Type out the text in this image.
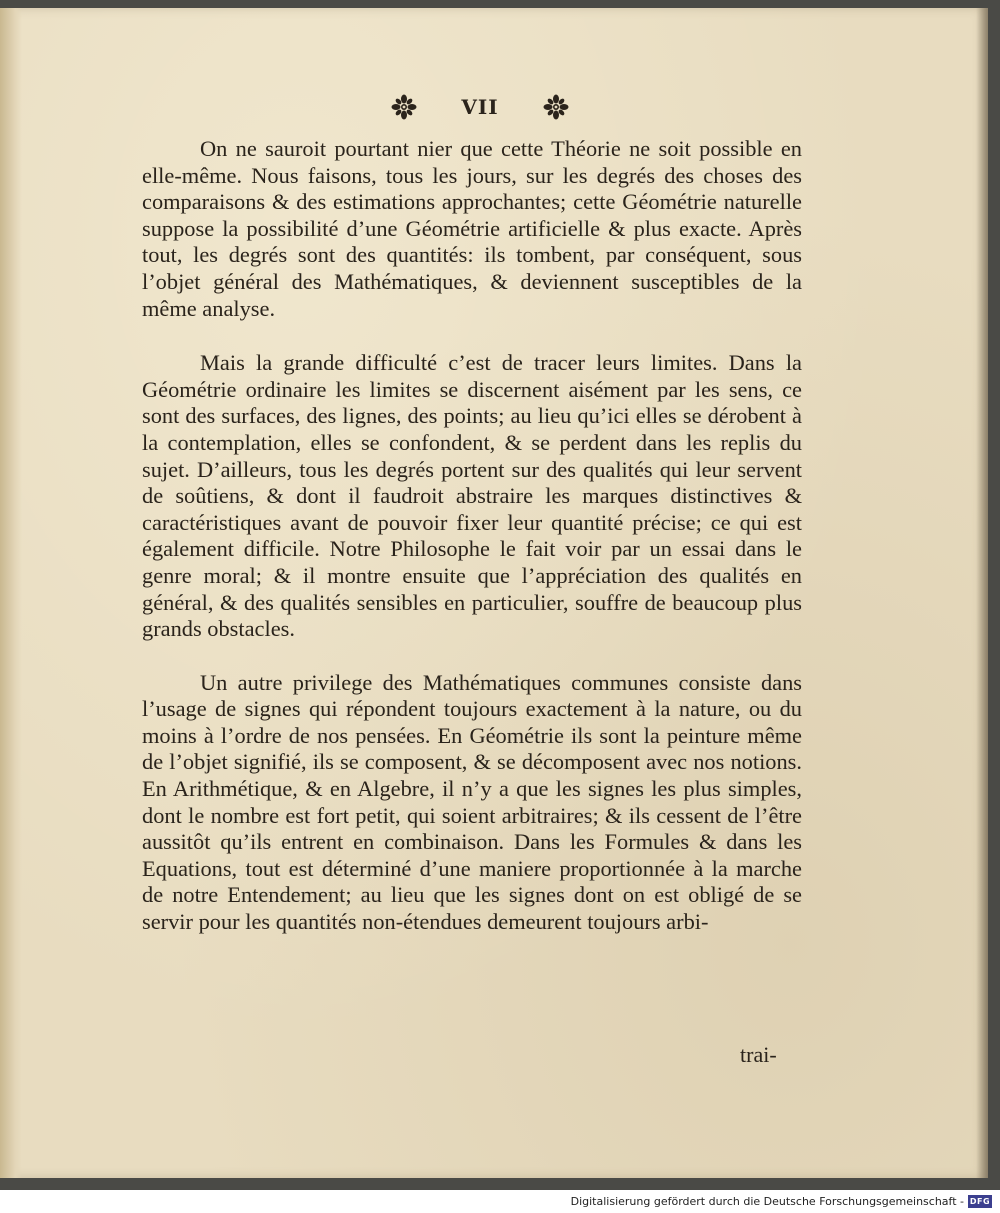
VII

On ne sauroit pourtant nier que cette Théorie ne soit possible en elle-même. Nous faisons, tous les jours, sur les degrés des choses des comparaisons & des estimations approchantes; cette Géométrie naturelle suppose la possibilité d’une Géométrie artificielle & plus exacte. Après tout, les degrés sont des quantités: ils tombent, par conséquent, sous l’objet général des Mathématiques, & deviennent susceptibles de la même analyse.

Mais la grande difficulté c’est de tracer leurs limites. Dans la Géométrie ordinaire les limites se discernent aisément par les sens, ce sont des surfaces, des lignes, des points; au lieu qu’ici elles se dérobent à la contemplation, elles se confondent, & se perdent dans les replis du sujet. D’ailleurs, tous les degrés portent sur des qualités qui leur servent de soûtiens, & dont il faudroit abstraire les marques distinctives & caractéristiques avant de pouvoir fixer leur quantité précise; ce qui est également difficile. Notre Philosophe le fait voir par un essai dans le genre moral; & il montre ensuite que l’appréciation des qualités en général, & des qualités sensibles en particulier, souffre de beaucoup plus grands obstacles.

Un autre privilege des Mathématiques communes consiste dans l’usage de signes qui répondent toujours exactement à la nature, ou du moins à l’ordre de nos pensées. En Géométrie ils sont la peinture même de l’objet signifié, ils se composent, & se décomposent avec nos notions. En Arithmétique, & en Algebre, il n’y a que les signes les plus simples, dont le nombre est fort petit, qui soient arbitraires; & ils cessent de l’être aussitôt qu’ils entrent en combinaison. Dans les Formules & dans les Equations, tout est déterminé d’une maniere proportionnée à la marche de notre Entendement; au lieu que les signes dont on est obligé de se servir pour les quantités non-étendues demeurent toujours arbi-

trai-
Digitalisierung gefördert durch die Deutsche Forschungsgemeinschaft - DFG
